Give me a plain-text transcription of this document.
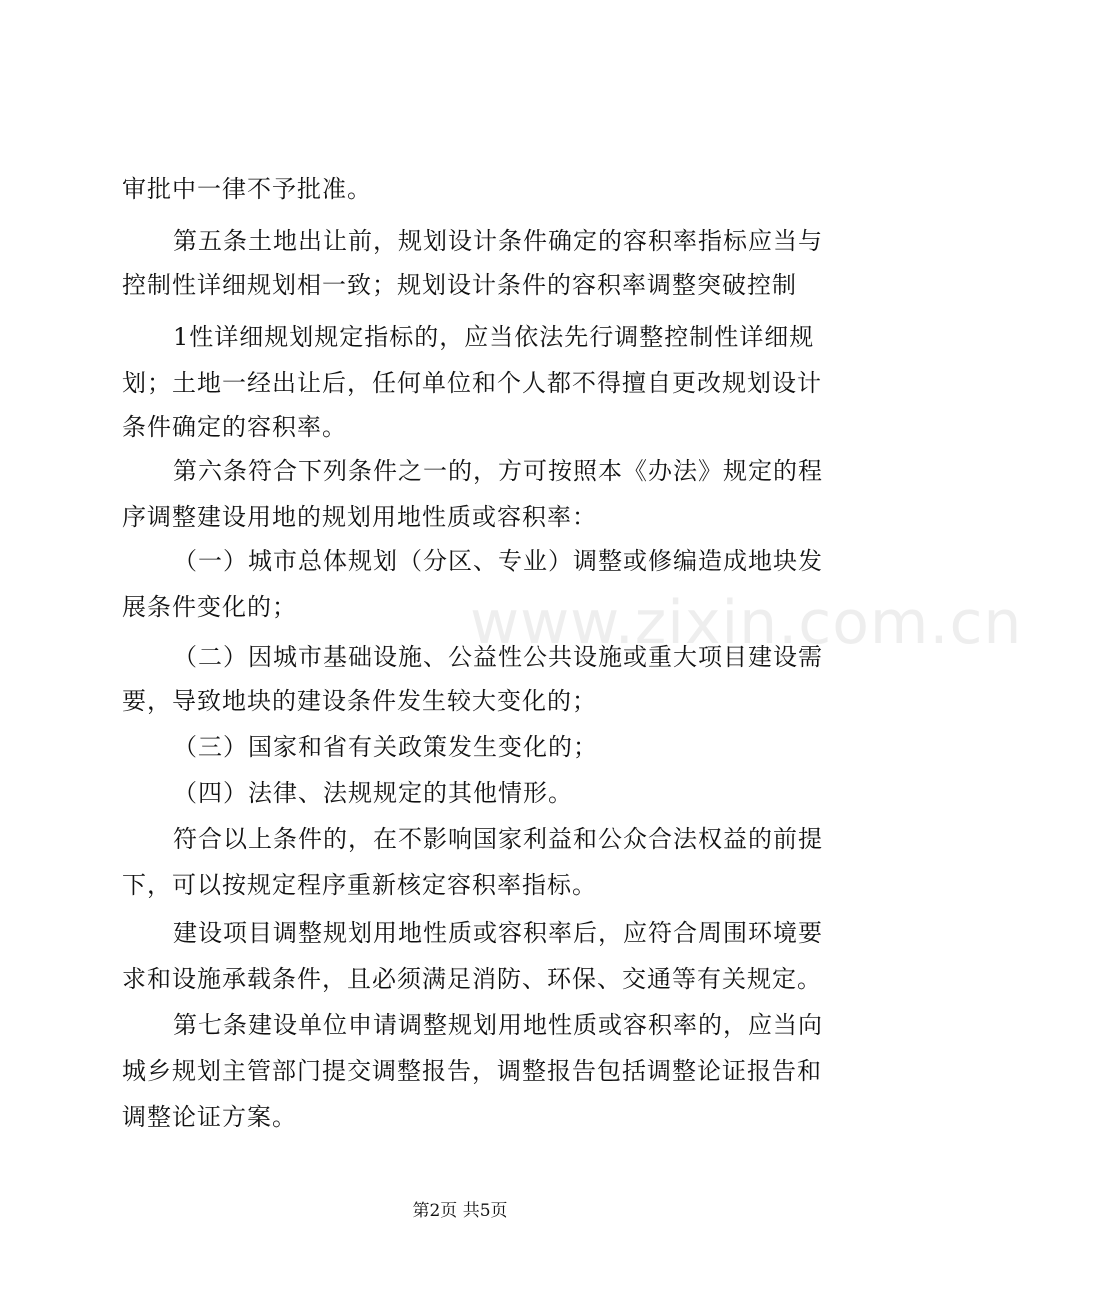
www.zixin.com.cn
审批中一律不予批准。
第五条土地出让前，规划设计条件确定的容积率指标应当与
控制性详细规划相一致；规划设计条件的容积率调整突破控制
1性详细规划规定指标的，应当依法先行调整控制性详细规
划；土地一经出让后，任何单位和个人都不得擅自更改规划设计
条件确定的容积率。
第六条符合下列条件之一的，方可按照本《办法》规定的程
序调整建设用地的规划用地性质或容积率：
（一）城市总体规划（分区、专业）调整或修编造成地块发
展条件变化的；
（二）因城市基础设施、公益性公共设施或重大项目建设需
要，导致地块的建设条件发生较大变化的；
（三）国家和省有关政策发生变化的；
（四）法律、法规规定的其他情形。
符合以上条件的，在不影响国家利益和公众合法权益的前提
下，可以按规定程序重新核定容积率指标。
建设项目调整规划用地性质或容积率后，应符合周围环境要
求和设施承载条件，且必须满足消防、环保、交通等有关规定。
第七条建设单位申请调整规划用地性质或容积率的，应当向
城乡规划主管部门提交调整报告，调整报告包括调整论证报告和
调整论证方案。
第2页 共5页
